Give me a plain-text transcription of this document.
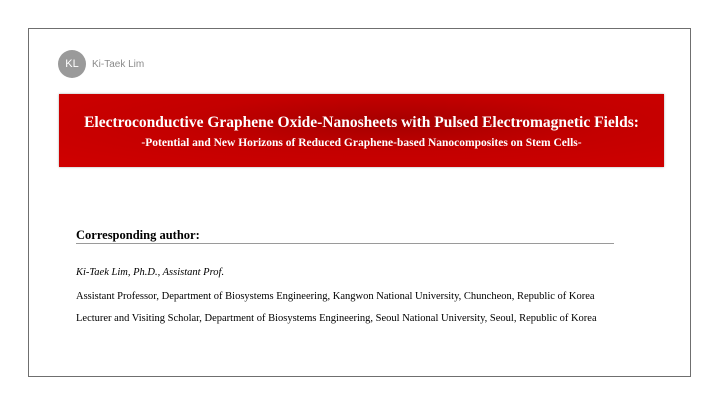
KL	Ki-Taek Lim
Electroconductive Graphene Oxide-Nanosheets with Pulsed Electromagnetic Fields:
-Potential and New Horizons of Reduced Graphene-based Nanocomposites on Stem Cells-
Corresponding author:
Ki-Taek Lim, Ph.D., Assistant Prof.
Assistant Professor, Department of Biosystems Engineering, Kangwon National University, Chuncheon, Republic of Korea
Lecturer and Visiting Scholar, Department of Biosystems Engineering, Seoul National University, Seoul, Republic of Korea
